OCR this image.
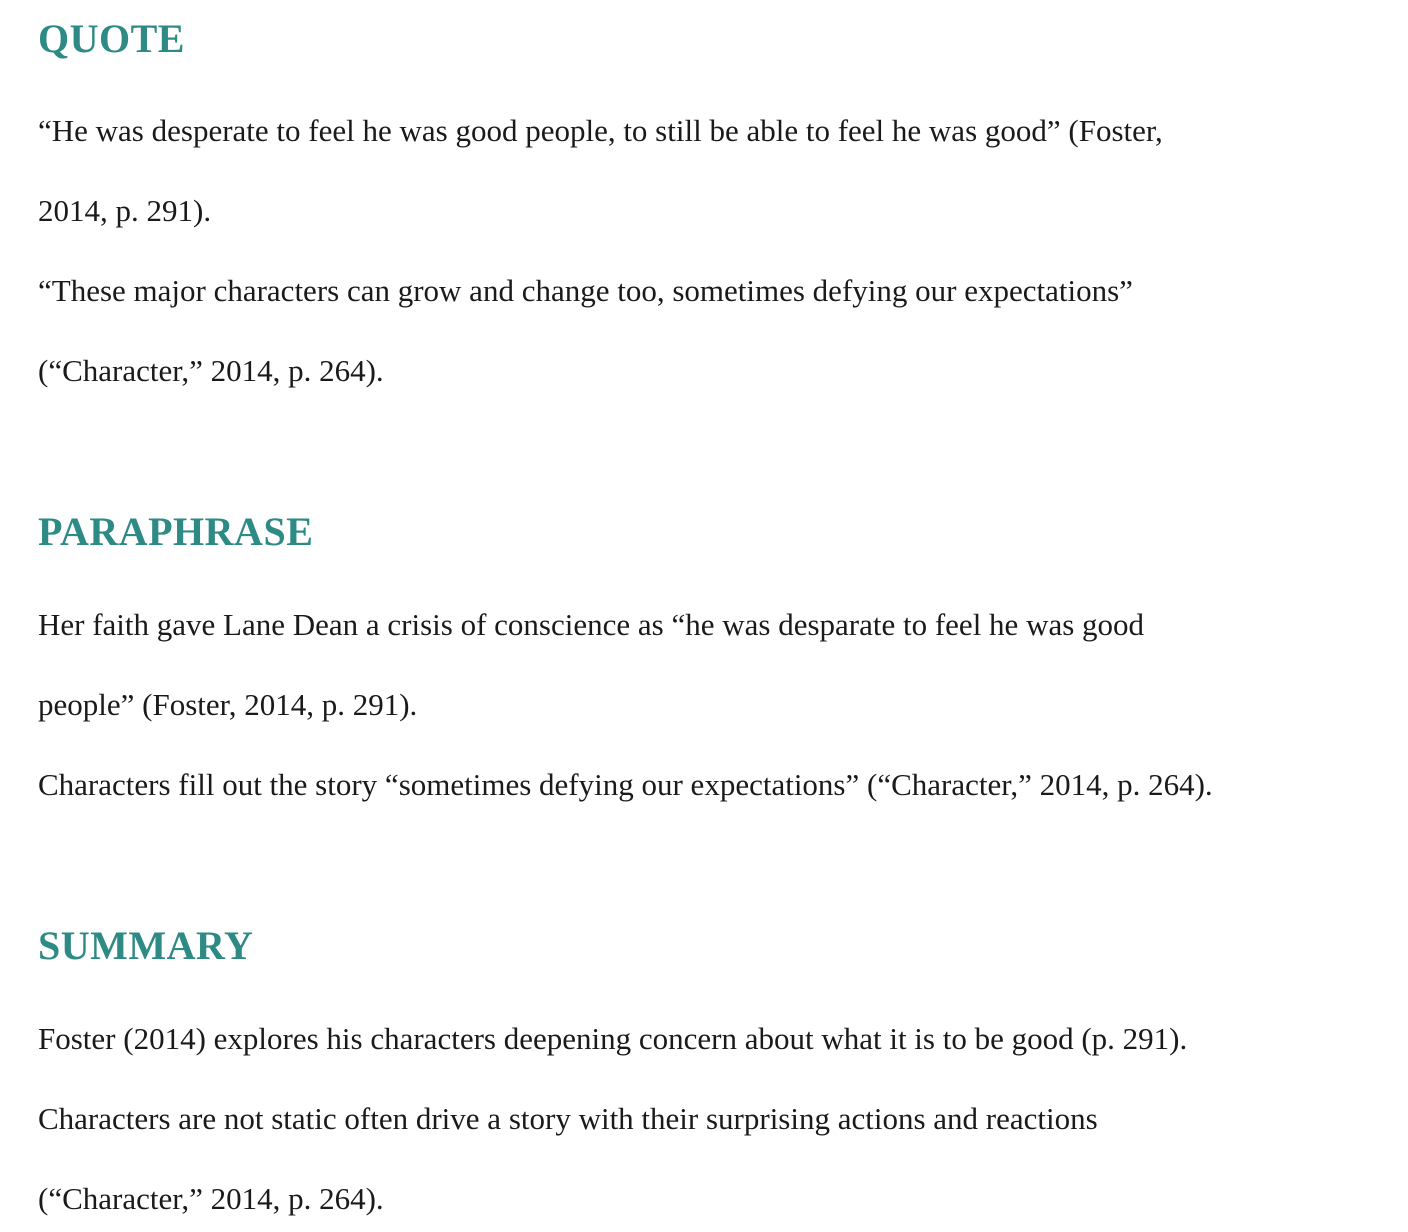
QUOTE

“He was desperate to feel he was good people, to still be able to feel he was good” (Foster,

2014, p. 291).

“These major characters can grow and change too, sometimes defying our expectations”

(“Character,” 2014, p. 264).

PARAPHRASE

Her faith gave Lane Dean a crisis of conscience as “he was desparate to feel he was good

people” (Foster, 2014, p. 291).

Characters fill out the story “sometimes defying our expectations” (“Character,” 2014, p. 264).

SUMMARY

Foster (2014) explores his characters deepening concern about what it is to be good (p. 291).

Characters are not static often drive a story with their surprising actions and reactions

(“Character,” 2014, p. 264).
